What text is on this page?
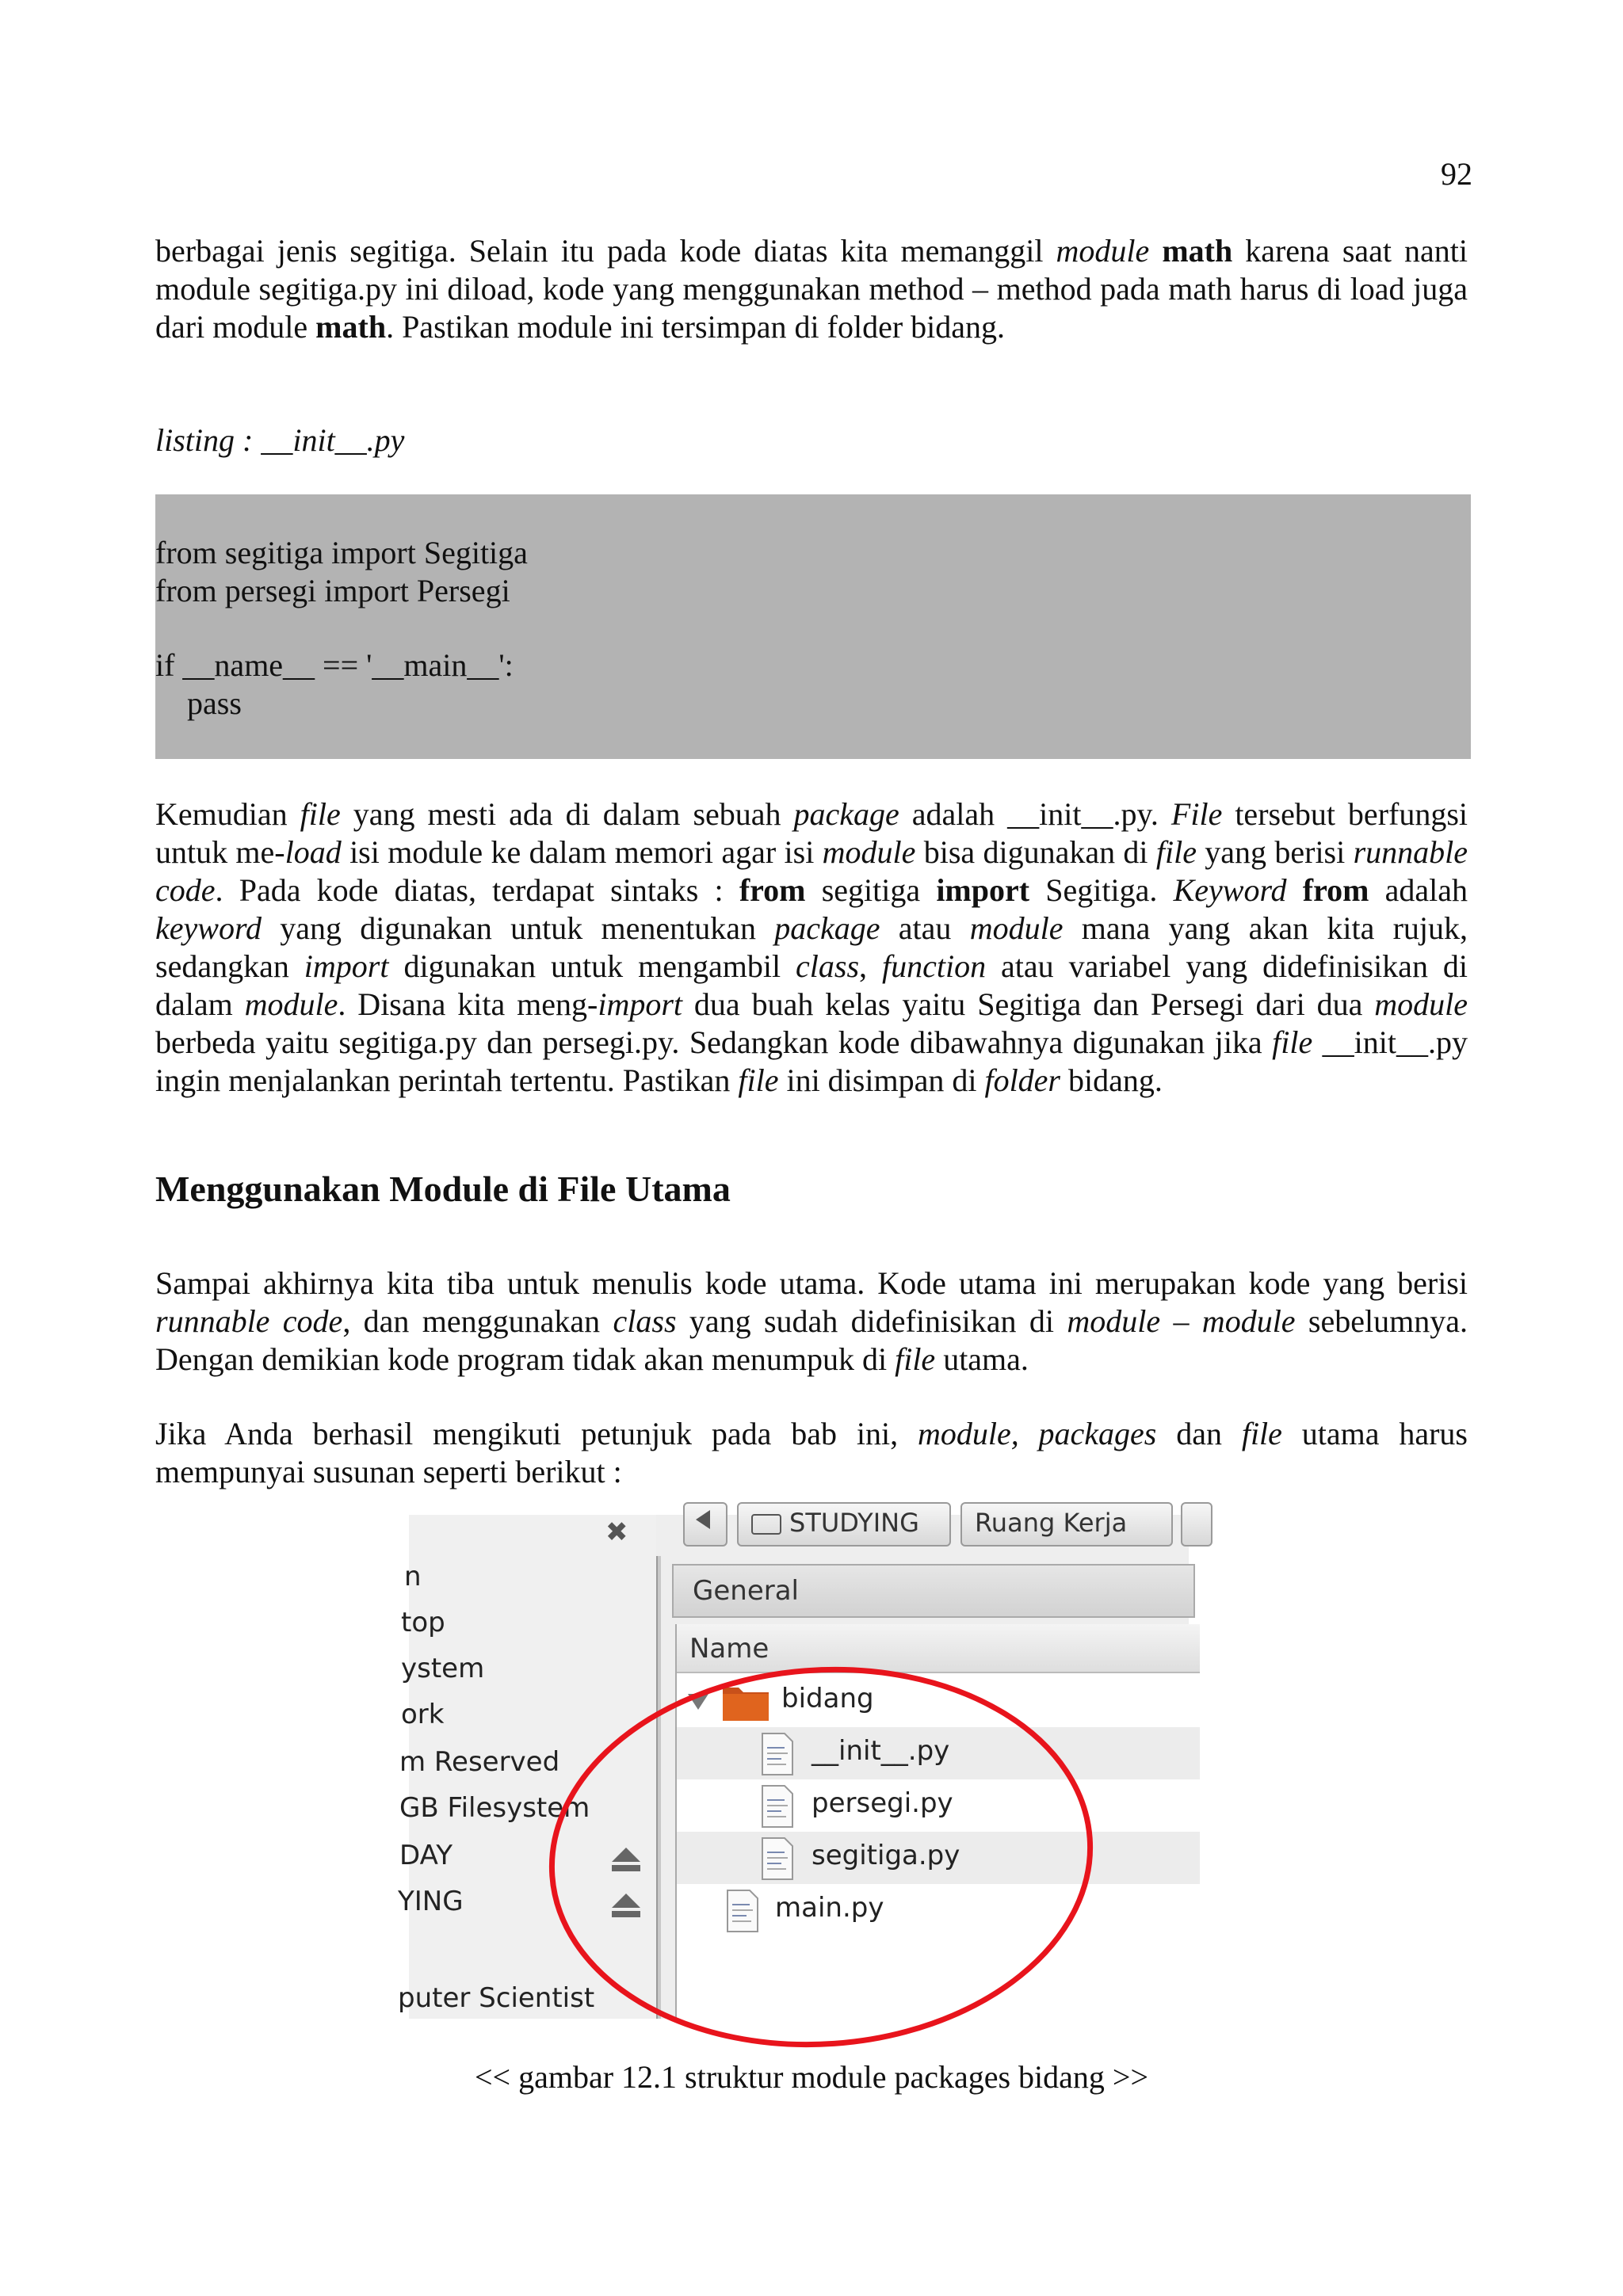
92
berbagai jenis segitiga. Selain itu pada kode diatas kita memanggil module math karena saat nanti module segitiga.py ini diload, kode yang menggunakan method – method pada math harus di load juga dari module math. Pastikan module ini tersimpan di folder bidang.
listing : __init__.py
from segitiga import Segitiga
from persegi import Persegi
if __name__ == '__main__':
pass
Kemudian file yang mesti ada di dalam sebuah package adalah __init__.py. File tersebut berfungsi untuk me-load isi module ke dalam memori agar isi module bisa digunakan di file yang berisi runnable code. Pada kode diatas, terdapat sintaks : from segitiga import Segitiga. Keyword from adalah keyword yang digunakan untuk menentukan package atau module mana yang akan kita rujuk, sedangkan import digunakan untuk mengambil class, function atau variabel yang didefinisikan di dalam module. Disana kita meng-import dua buah kelas yaitu Segitiga dan Persegi dari dua module berbeda yaitu segitiga.py dan persegi.py. Sedangkan kode dibawahnya digunakan jika file __init__.py ingin menjalankan perintah tertentu. Pastikan file ini disimpan di folder bidang.
Menggunakan Module di File Utama
Sampai akhirnya kita tiba untuk menulis kode utama. Kode utama ini merupakan kode yang berisi runnable code, dan menggunakan class yang sudah didefinisikan di module – module sebelumnya. Dengan demikian kode program tidak akan menumpuk di file utama.
Jika Anda berhasil mengikuti petunjuk pada bab ini, module, packages dan file utama harus mempunyai susunan seperti berikut :
✖
n
top
ystem
ork
m Reserved
GB Filesystem
DAY
YING
puter Scientist
STUDYING	Ruang Kerja
General
Name
bidang
__init__.py
persegi.py
segitiga.py
main.py
<< gambar 12.1 struktur module packages bidang >>
